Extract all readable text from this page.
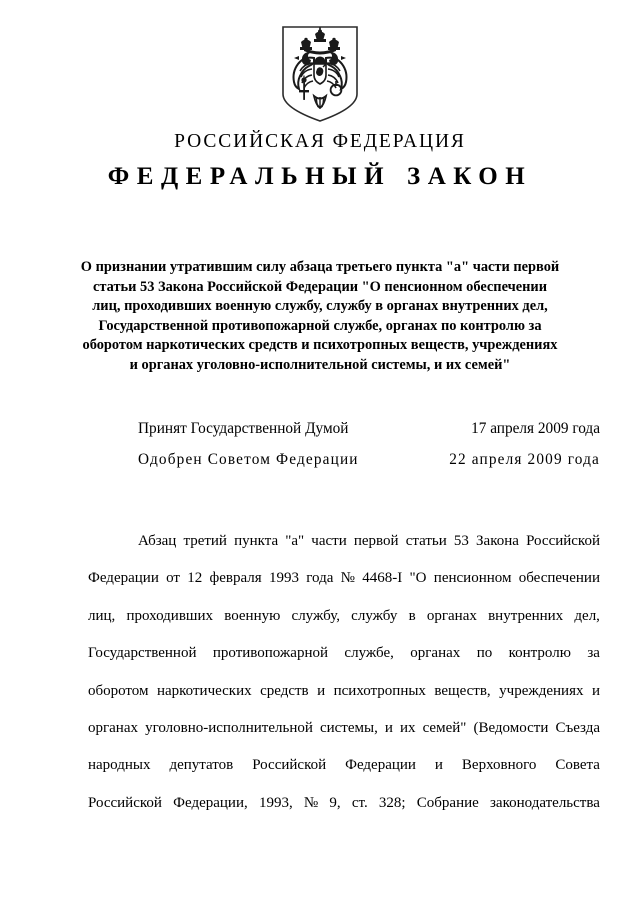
РОССИЙСКАЯ ФЕДЕРАЦИЯ
ФЕДЕРАЛЬНЫЙ ЗАКОН
О признании утратившим силу абзаца третьего пункта "а" части первой
статьи 53 Закона Российской Федерации "О пенсионном обеспечении
лиц, проходивших военную службу, службу в органах внутренних дел,
Государственной противопожарной службе, органах по контролю за
оборотом наркотических средств и психотропных веществ, учреждениях
и органах уголовно-исполнительной системы, и их семей"
Принят Государственной Думой	17 апреля 2009 года
Одобрен Советом Федерации	22 апреля 2009 года
Абзац третий пункта "а" части первой статьи 53 Закона Российской
Федерации от 12 февраля 1993 года № 4468-I "О пенсионном обеспечении
лиц, проходивших военную службу, службу в органах внутренних дел,
Государственной противопожарной службе, органах по контролю за
оборотом наркотических средств и психотропных веществ, учреждениях и
органах уголовно-исполнительной системы, и их семей" (Ведомости Съезда
народных депутатов Российской Федерации и Верховного Совета
Российской Федерации, 1993, № 9, ст. 328; Собрание законодательства
